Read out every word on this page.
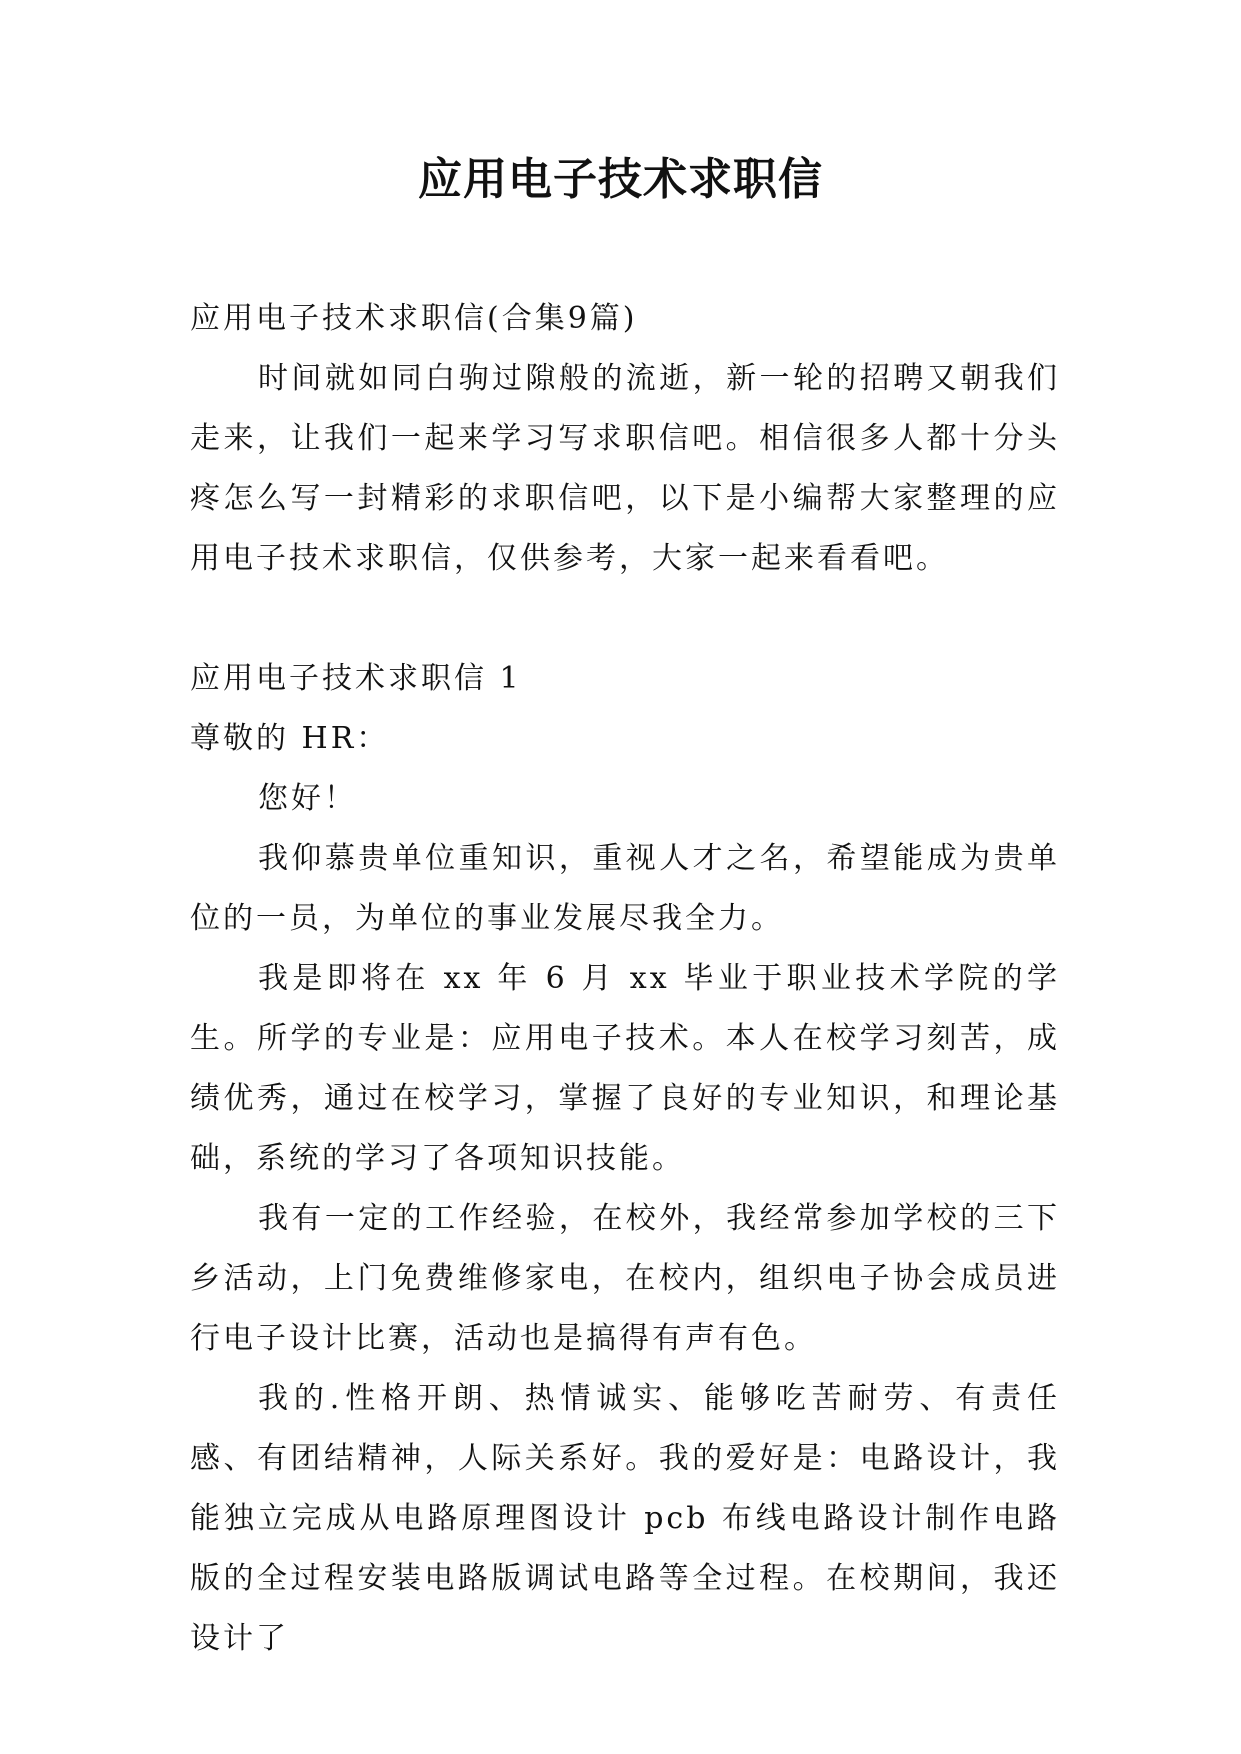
应用电子技术求职信

应用电子技术求职信(合集9篇)

时间就如同白驹过隙般的流逝，新一轮的招聘又朝我们走来，让我们一起来学习写求职信吧。相信很多人都十分头疼怎么写一封精彩的求职信吧，以下是小编帮大家整理的应用电子技术求职信，仅供参考，大家一起来看看吧。

应用电子技术求职信 1

尊敬的 HR：

您好！

我仰慕贵单位重知识，重视人才之名，希望能成为贵单位的一员，为单位的事业发展尽我全力。

我是即将在 xx 年 6 月 xx 毕业于职业技术学院的学生。所学的专业是：应用电子技术。本人在校学习刻苦，成绩优秀，通过在校学习，掌握了良好的专业知识，和理论基础，系统的学习了各项知识技能。

我有一定的工作经验，在校外，我经常参加学校的三下乡活动，上门免费维修家电，在校内，组织电子协会成员进行电子设计比赛，活动也是搞得有声有色。

我的.性格开朗、热情诚实、能够吃苦耐劳、有责任感、有团结精神，人际关系好。我的爱好是：电路设计，我能独立完成从电路原理图设计 pcb 布线电路设计制作电路版的全过程安装电路版调试电路等全过程。在校期间，我还设计了
